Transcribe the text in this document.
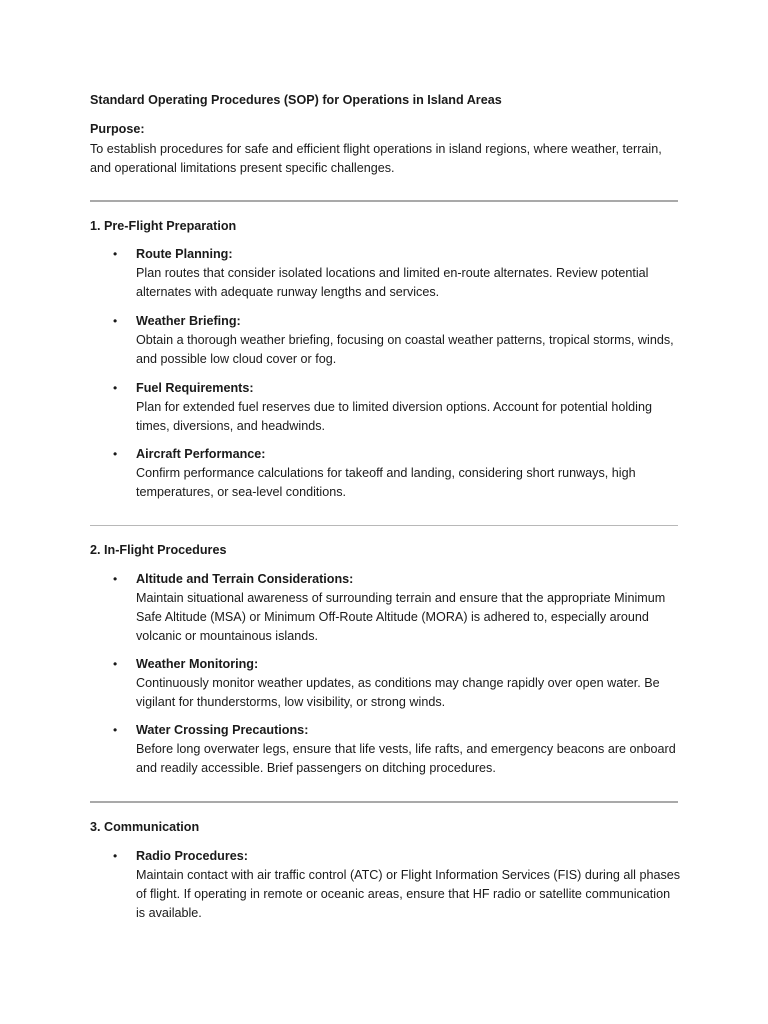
Standard Operating Procedures (SOP) for Operations in Island Areas
Purpose:
To establish procedures for safe and efficient flight operations in island regions, where weather, terrain, and operational limitations present specific challenges.
1. Pre-Flight Preparation
•	Route Planning:
Plan routes that consider isolated locations and limited en-route alternates. Review potential alternates with adequate runway lengths and services.
•	Weather Briefing:
Obtain a thorough weather briefing, focusing on coastal weather patterns, tropical storms, winds, and possible low cloud cover or fog.
•	Fuel Requirements:
Plan for extended fuel reserves due to limited diversion options. Account for potential holding times, diversions, and headwinds.
•	Aircraft Performance:
Confirm performance calculations for takeoff and landing, considering short runways, high temperatures, or sea-level conditions.
2. In-Flight Procedures
•	Altitude and Terrain Considerations:
Maintain situational awareness of surrounding terrain and ensure that the appropriate Minimum Safe Altitude (MSA) or Minimum Off-Route Altitude (MORA) is adhered to, especially around volcanic or mountainous islands.
•	Weather Monitoring:
Continuously monitor weather updates, as conditions may change rapidly over open water. Be vigilant for thunderstorms, low visibility, or strong winds.
•	Water Crossing Precautions:
Before long overwater legs, ensure that life vests, life rafts, and emergency beacons are onboard and readily accessible. Brief passengers on ditching procedures.
3. Communication
•	Radio Procedures:
Maintain contact with air traffic control (ATC) or Flight Information Services (FIS) during all phases of flight. If operating in remote or oceanic areas, ensure that HF radio or satellite communication is available.
